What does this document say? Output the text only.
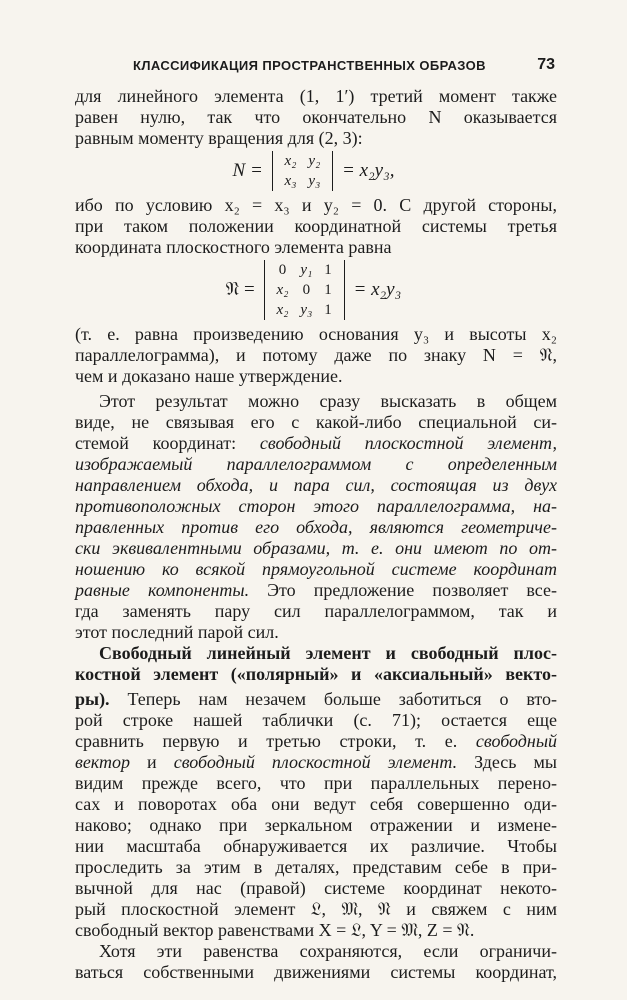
КЛАССИФИКАЦИЯ ПРОСТРАНСТВЕННЫХ ОБРАЗОВ	73
для линейного элемента (1, 1′) третий момент также
равен нулю, так что окончательно N оказывается
равным моменту вращения для (2, 3):
N = x₂	y₂
x₃	y₃ = x₂y₃,
ибо по условию x₂ = x₃ и y₂ = 0. С другой стороны,
при таком положении координатной системы третья
координата плоскостного элемента равна
𝔑 =
0	y₁	1
x₂	0	1
x₂	y₃	1
= x₂y₃
(т. е. равна произведению основания y₃ и высоты x₂
параллелограмма), и потому даже по знаку N = 𝔑,
чем и доказано наше утверждение.
Этот результат можно сразу высказать в общем
виде, не связывая его с какой-либо специальной си-
стемой координат: свободный плоскостной элемент,
изображаемый параллелограммом с определенным
направлением обхода, и пара сил, состоящая из двух
противоположных сторон этого параллелограмма, на-
правленных против его обхода, являются геометриче-
ски эквивалентными образами, т. е. они имеют по от-
ношению ко всякой прямоугольной системе координат
равные компоненты. Это предложение позволяет все-
гда заменять пару сил параллелограммом, так и
этот последний парой сил.
Свободный линейный элемент и свободный плос-
костной элемент («полярный» и «аксиальный» векто-
ры). Теперь нам незачем больше заботиться о вто-
рой строке нашей таблички (с. 71); остается еще
сравнить первую и третью строки, т. е. свободный
вектор и свободный плоскостной элемент. Здесь мы
видим прежде всего, что при параллельных перено-
сах и поворотах оба они ведут себя совершенно оди-
наково; однако при зеркальном отражении и измене-
нии масштаба обнаруживается их различие. Чтобы
проследить за этим в деталях, представим себе в при-
вычной для нас (правой) системе координат некото-
рый плоскостной элемент 𝔏, 𝔐, 𝔑 и свяжем с ним
свободный вектор равенствами X = 𝔏, Y = 𝔐, Z = 𝔑.
Хотя эти равенства сохраняются, если ограничи-
ваться собственными движениями системы координат,
